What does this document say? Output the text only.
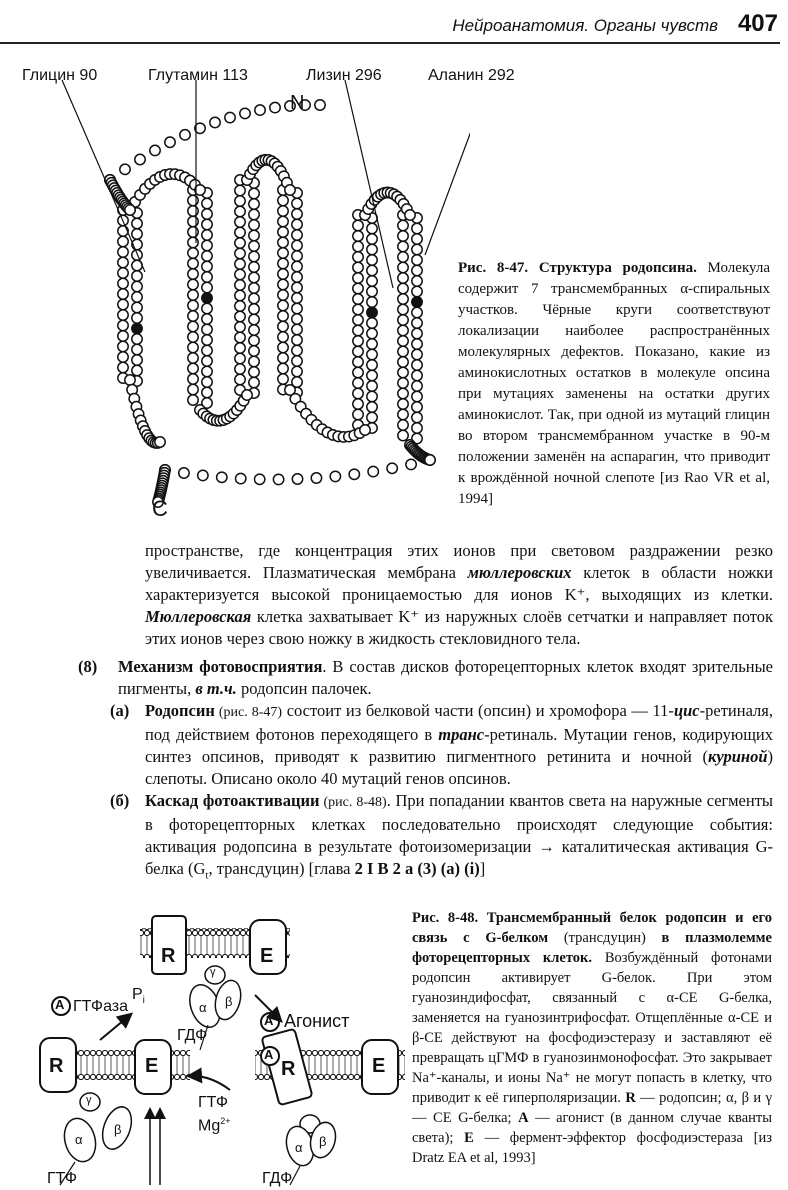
Нейроанатомия. Органы чувств 407
Глицин 90	Глутамин 113	Лизин 296	Аланин 292
N
C
Рис. 8-47. Структура родопсина. Молекула содержит 7 трансмембранных α-спиральных участков. Чёрные круги соответствуют локализации наиболее распространённых молекулярных дефектов. Показано, какие из аминокислотных остатков в молекуле опсина при мутациях заменены на остатки других аминокислот. Так, при одной из мутаций глицин во втором трансмембранном участке в 90-м положении заменён на аспарагин, что приводит к врождённой ночной слепоте [из Rao VR et al, 1994]

пространстве, где концентрация этих ионов при световом раздражении резко увеличивается. Плазматическая мембрана мюллеровских клеток в области ножки характеризуется высокой проницаемостью для ионов K⁺, выходящих из клетки. Мюллеровская клетка захватывает K⁺ из наружных слоёв сетчатки и направляет поток этих ионов через свою ножку в жидкость стекловидного тела.

(8) Механизм фотовосприятия. В состав дисков фоторецепторных клеток входят зрительные пигменты, в т.ч. родопсин палочек.
(а) Родопсин (рис. 8-47) состоит из белковой части (опсин) и хромофора — 11-цис-ретиналя, под действием фотонов переходящего в транс-ретиналь. Мутации генов, кодирующих синтез опсинов, приводят к развитию пигментного ретинита и ночной (куриной) слепоты. Описано около 40 мутаций генов опсинов.
(б) Каскад фотоактивации (рис. 8-48). При попадании квантов света на наружные сегменты в фоторецепторных клетках последовательно происходят следующие события: активация родопсина в результате фотоизомеризации → каталитическая активация G-белка ($G_t$, трансдуцин) [глава 2 I B 2 a (3) (a) (i)]
R	E
γ
α β
$P_i$
A ГТФаза
ГДФ
A Агонист
R	E
γ
α
β
ГТФ
$Mg^{2+}$
A
R	E
α β
ГТФ	ГДФ
Рис. 8-48. Трансмембранный белок родопсин и его связь с G-белком (трансдуцин) в плазмолемме фоторецепторных клеток. Возбуждённый фотонами родопсин активирует G-белок. При этом гуанозиндифосфат, связанный с α-СЕ G-белка, заменяется на гуанозинтрифосфат. Отщеплённые α-СЕ и β-СЕ действуют на фосфодиэстеразу и заставляют её превращать цГМФ в гуанозинмонофосфат. Это закрывает Na⁺-каналы, и ионы Na⁺ не могут попасть в клетку, что приводит к её гиперполяризации. R — родопсин; α, β и γ — СЕ G-белка; A — агонист (в данном случае кванты света); E — фермент-эффектор фосфодиэстераза [из Dratz EA et al, 1993]
